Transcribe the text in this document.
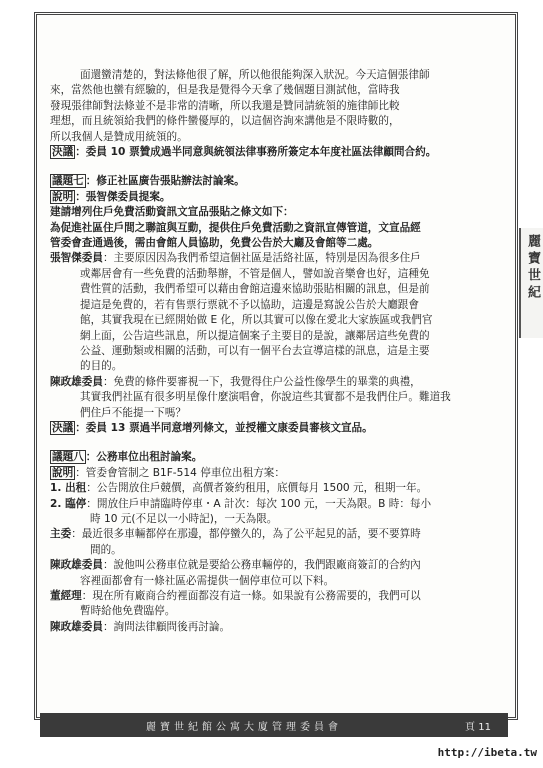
麗寶世紀

面還蠻清楚的，對法條他很了解，所以他很能夠深入狀況。今天這個張律師

來，當然他也蠻有經驗的，但是我是覺得今天拿了幾個題目測試他，當時我

發現張律師對法條並不是非常的清晰，所以我還是贊同請統領的施律師比較

理想，而且統領給我們的條件蠻優厚的，以這個咨詢來講他是不限時數的，

所以我個人是贊成用統領的。

決議 ：委員 10 票贊成過半同意與統領法律事務所簽定本年度社區法律顧問合約。

議題七 ：修正社區廣告張貼辦法討論案。

說明 ：張智傑委員提案。

建請增列住戶免費活動資訊文宣品張貼之條文如下：

為促進社區住戶間之聯誼與互動，提供住戶免費活動之資訊宣傳管道，文宣品經

管委會查通過後，需由會館人員協助，免費公告於大廳及會館等二處。

張智傑委員：主要原因因為我們希望這個社區是活絡社區，特別是因為很多住戶

或鄰居會有一些免費的活動舉辦，不管是個人，譬如說音樂會也好，這種免

費性質的活動，我們希望可以藉由會館這邊來協助張貼相關的訊息，但是前

提這是免費的，若有售票行票就不予以協助，這邊是寫說公告於大廳跟會

館，其實我現在已經開始做 E 化，所以其實可以像在愛北大家族區或我們官

網上面，公告這些訊息，所以提這個案子主要目的是說，讓鄰居這些免費的

公益、運動類或相關的活動，可以有一個平台去宣導這樣的訊息，這是主要

的目的。

陳政雄委員：免費的條件要審視一下，我覺得住户公益性像學生的畢業的典禮，

其實我們社區有很多明星像什麼演唱會，你說這些其實都不是我們住戶。難道我

們住戶不能提一下嗎？

決議 ：委員 13 票過半同意增列條文，並授權文康委員審核文宣品。

議題八 ：公務車位出租討論案。

說明 ：管委會管制之 B1F-514 停車位出租方案：

1. 出租：公告開放住戶競價，高價者簽約租用，底價每月 1500 元，租期一年。

2. 臨停：開放住戶申請臨時停車・A 計次：每次 100 元，一天為限。B 時：每小

時 10 元(不足以一小時記)，一天為限。

主委：最近很多車輛都停在那邊，都停蠻久的，為了公平起見的話，要不要算時

間的。

陳政雄委員：說他叫公務車位就是要給公務車輛停的，我們跟廠商簽訂的合約內

容裡面都會有一條社區必需提供一個停車位可以下料。

董經理：現在所有廠商合約裡面都沒有這一條。如果說有公務需要的，我們可以

暫時給他免費臨停。

陳政雄委員：詢問法律顧問後再討論。

麗寶世紀館公寓大廈管理委員會	頁 11
http://ibeta.tw
